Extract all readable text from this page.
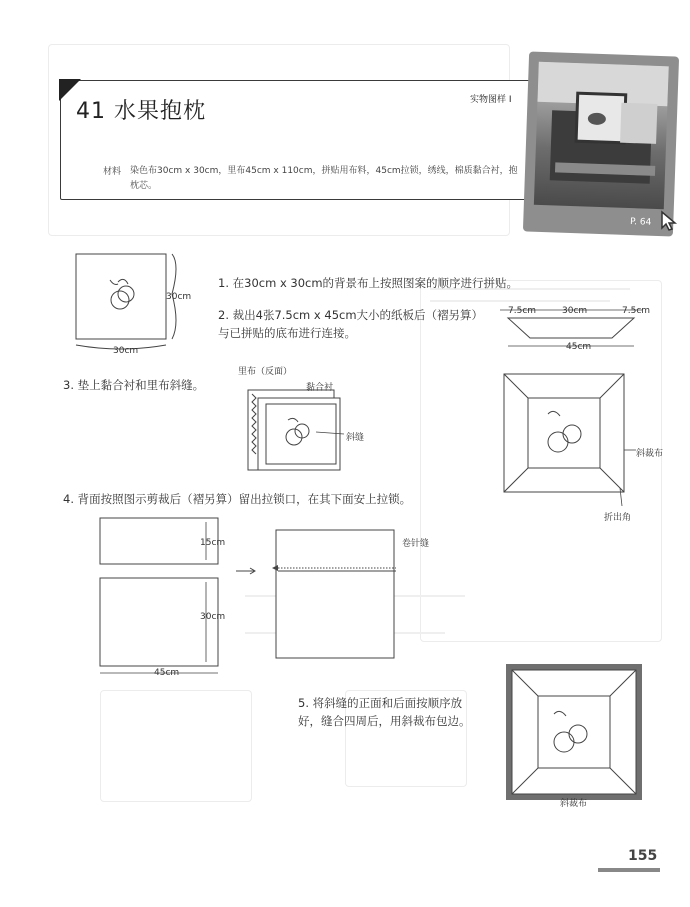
41 水果抱枕	实物图样 I
材料 染色布30cm x 30cm，里布45cm x 110cm，拼贴用布料，45cm拉锁，绣线，棉质黏合衬，抱枕芯。
P. 64
30cm
30cm
1. 在30cm x 30cm的背景布上按照图案的顺序进行拼贴。
2. 裁出4张7.5cm x 45cm大小的纸板后（褶另算）与已拼贴的底布进行连接。
7.5cm	30cm	7.5cm
45cm
3. 垫上黏合衬和里布斜缝。
里布（反面）
黏合衬
斜缝
斜裁布
折出角
4. 背面按照图示剪裁后（褶另算）留出拉锁口，在其下面安上拉锁。
15cm
30cm
45cm
卷针缝
5. 将斜缝的正面和后面按顺序放好，缝合四周后，用斜裁布包边。
斜裁布
155
